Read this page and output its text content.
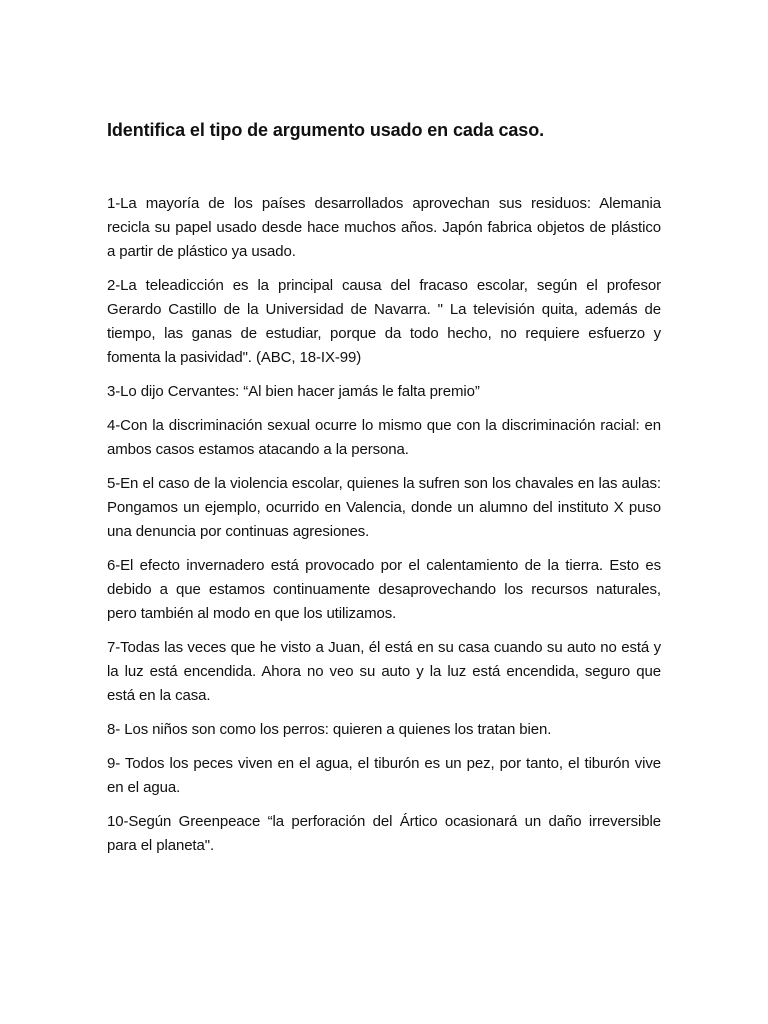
Identifica el tipo de argumento usado en cada caso.
1-La mayoría de los países desarrollados aprovechan sus residuos: Alemania recicla su papel usado desde hace muchos años. Japón fabrica objetos de plástico a partir de plástico ya usado.
2-La teleadicción es la principal causa del fracaso escolar, según el profesor Gerardo Castillo de la Universidad de Navarra. " La televisión quita, además de tiempo, las ganas de estudiar, porque da todo hecho, no requiere esfuerzo y fomenta la pasividad". (ABC, 18-IX-99)
3-Lo dijo Cervantes: “Al bien hacer jamás le falta premio”
4-Con la discriminación sexual ocurre lo mismo que con la discriminación racial: en ambos casos estamos atacando a la persona.
5-En el caso de la violencia escolar, quienes la sufren son los chavales en las aulas: Pongamos un ejemplo, ocurrido en Valencia, donde un alumno del instituto X puso una denuncia por continuas agresiones.
6-El efecto invernadero está provocado por el calentamiento de la tierra. Esto es debido a que estamos continuamente desaprovechando los recursos naturales, pero también al modo en que los utilizamos.
7-Todas las veces que he visto a Juan, él está en su casa cuando su auto no está y la luz está encendida. Ahora no veo su auto y la luz está encendida, seguro que está en la casa.
8- Los niños son como los perros: quieren a quienes los tratan bien.
9- Todos los peces viven en el agua, el tiburón es un pez, por tanto, el tiburón vive en el agua.
10-Según Greenpeace “la perforación del Ártico ocasionará un daño irreversible para el planeta".
